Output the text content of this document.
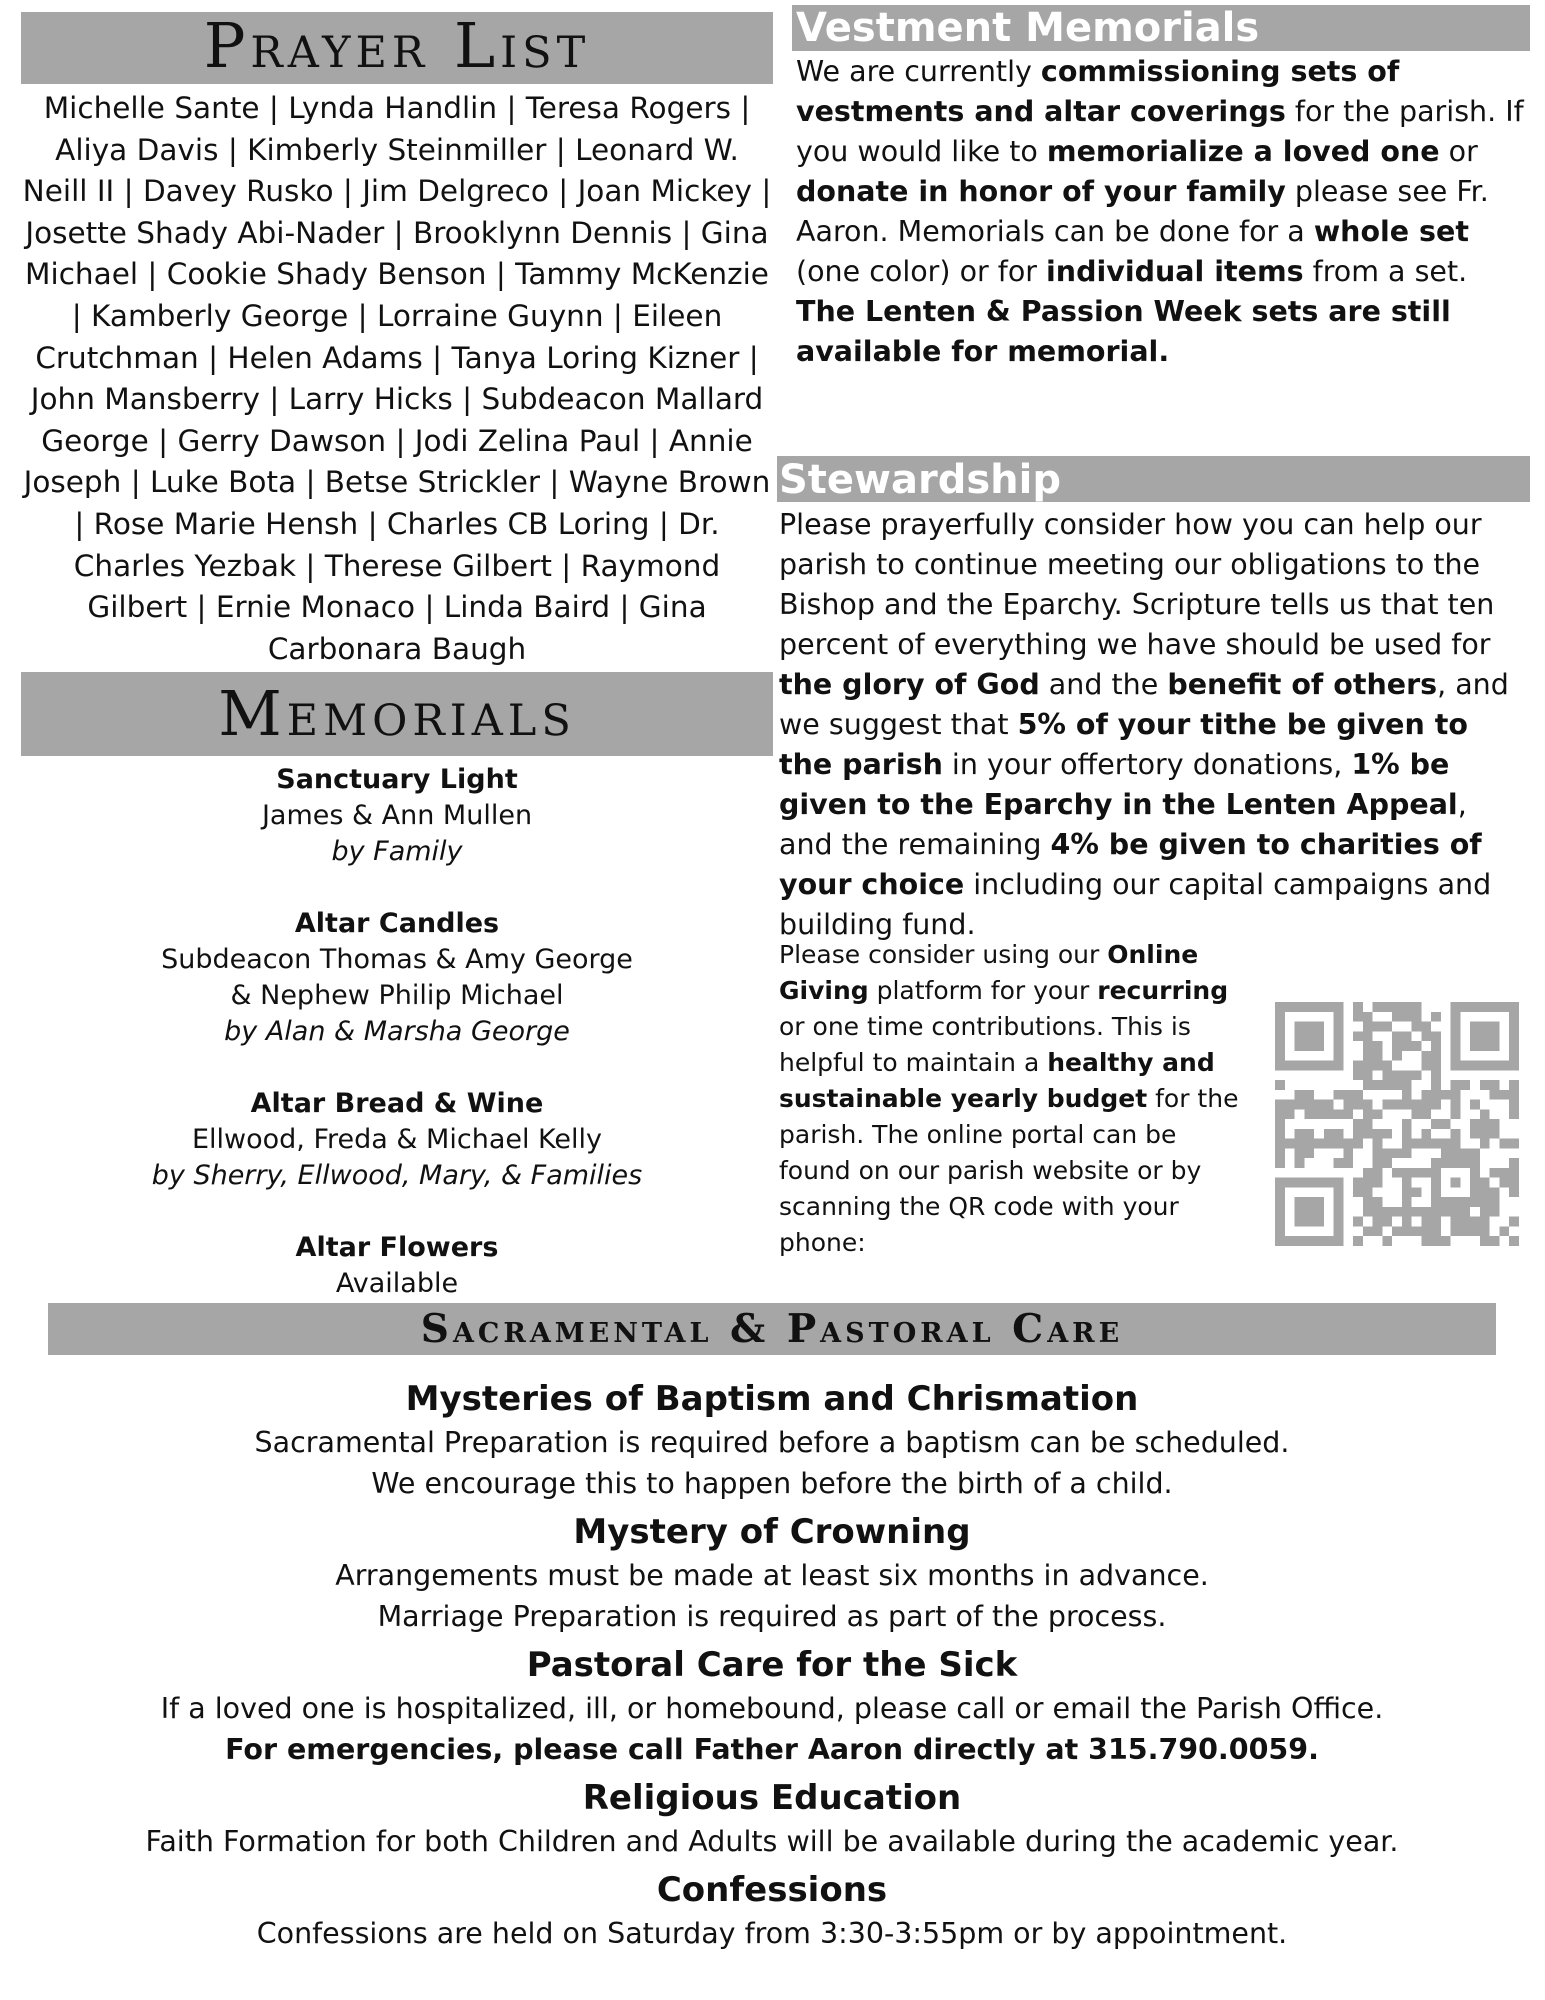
Prayer List
Michelle Sante | Lynda Handlin | Teresa Rogers | Aliya Davis | Kimberly Steinmiller | Leonard W. Neill II | Davey Rusko | Jim Delgreco | Joan Mickey | Josette Shady Abi-Nader | Brooklynn Dennis | Gina Michael | Cookie Shady Benson | Tammy McKenzie | Kamberly George | Lorraine Guynn | Eileen Crutchman | Helen Adams | Tanya Loring Kizner | John Mansberry | Larry Hicks | Subdeacon Mallard George | Gerry Dawson | Jodi Zelina Paul | Annie Joseph | Luke Bota | Betse Strickler | Wayne Brown | Rose Marie Hensh | Charles CB Loring | Dr. Charles Yezbak | Therese Gilbert | Raymond Gilbert | Ernie Monaco | Linda Baird | Gina Carbonara Baugh
Memorials
Sanctuary Light
James & Ann Mullen
by Family
Altar Candles
Subdeacon Thomas & Amy George
& Nephew Philip Michael
by Alan & Marsha George
Altar Bread & Wine
Ellwood, Freda & Michael Kelly
by Sherry, Ellwood, Mary, & Families
Altar Flowers
Available
Vestment Memorials
We are currently commissioning sets of vestments and altar coverings for the parish. If you would like to memorialize a loved one or donate in honor of your family please see Fr. Aaron. Memorials can be done for a whole set (one color) or for individual items from a set. The Lenten & Passion Week sets are still available for memorial.
Stewardship
Please prayerfully consider how you can help our parish to continue meeting our obligations to the Bishop and the Eparchy. Scripture tells us that ten percent of everything we have should be used for the glory of God and the benefit of others, and we suggest that 5% of your tithe be given to the parish in your offertory donations, 1% be given to the Eparchy in the Lenten Appeal, and the remaining 4% be given to charities of your choice including our capital campaigns and building fund.
Please consider using our Online Giving platform for your recurring or one time contributions. This is helpful to maintain a healthy and sustainable yearly budget for the parish. The online portal can be found on our parish website or by scanning the QR code with your phone:
Sacramental & Pastoral Care
Mysteries of Baptism and Chrismation
Sacramental Preparation is required before a baptism can be scheduled.
We encourage this to happen before the birth of a child.
Mystery of Crowning
Arrangements must be made at least six months in advance.
Marriage Preparation is required as part of the process.
Pastoral Care for the Sick
If a loved one is hospitalized, ill, or homebound, please call or email the Parish Office.
For emergencies, please call Father Aaron directly at 315.790.0059.
Religious Education
Faith Formation for both Children and Adults will be available during the academic year.
Confessions
Confessions are held on Saturday from 3:30-3:55pm or by appointment.
